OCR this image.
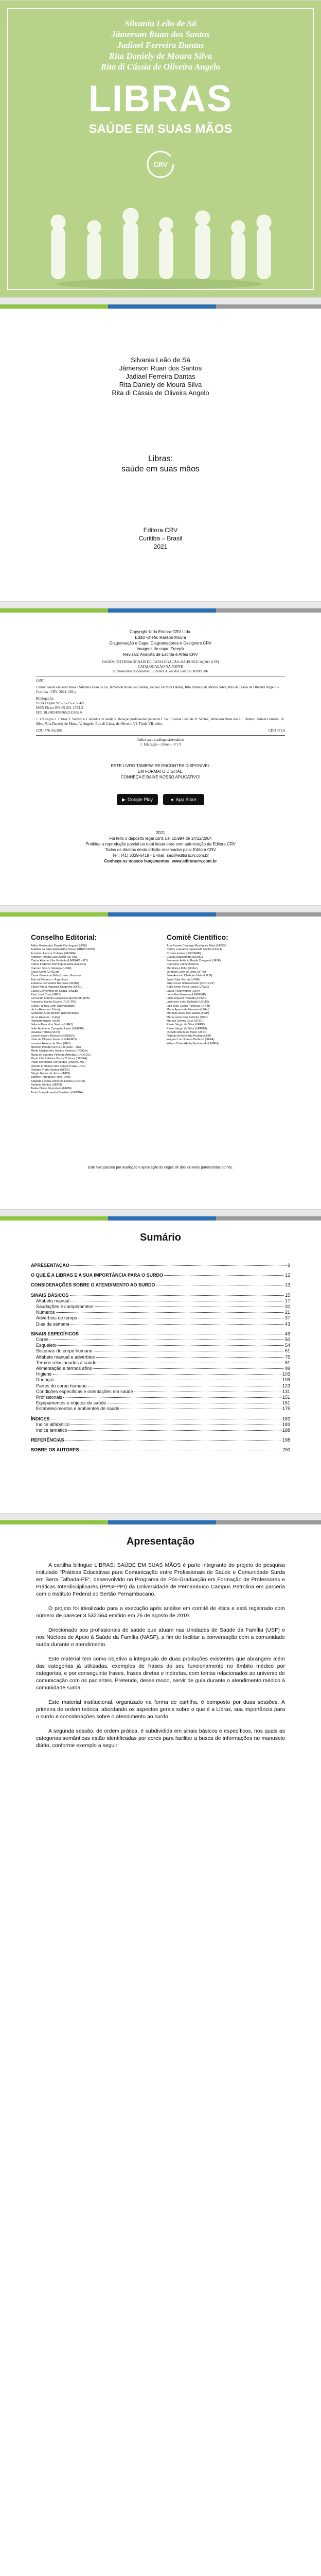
Silvania Leão de Sá
Jâmerson Ruan dos Santos
Jadiael Ferreira Dantas
Rita Daniely de Moura Silva
Rita di Cássia de Oliveira Angelo
LIBRAS
SAÚDE EM SUAS MÃOS
CRV
Silvania Leão de Sá
Jâmerson Ruan dos Santos
Jadiael Ferreira Dantas
Rita Daniely de Moura Silva
Rita di Cássia de Oliveira Angelo
Libras:
saúde em suas mãos
Editora CRV
Curitiba – Brasil
2021
Copyright © da Editora CRV Ltda.
Editor-chefe: Railson Moura
Diagramação e Capa: Diagramadores e Designers CRV
Imagens de capa: Freepik
Revisão: Analista de Escrita e Artes CRV
DADOS INTERNACIONAIS DE CATALOGAÇÃO-NA-PUBLICAÇÃO (CIP)
CATALOGAÇÃO NA FONTE
Bibliotecária responsável: Luzenira Alves dos Santos CRB9/1506
L697
Libras: saúde em suas mãos / Silvania Leão de Sá, Jâmerson Ruan dos Santos, Jadiael Ferreira Dantas, Rita Daniely de Moura Silva, Rita di Cássia de Oliveira Angelo – Curitiba : CRV, 2021. 202 p.
Bibliografia
ISBN Digital 978-65-251-1554-9
ISBN Físico 978-65-251-1553-2
DOI 10.24824/978652515532.6
1. Educação 2. Libras 3. Surdez 4. Cuidados de saúde 5. Relação profissional paciente I. Sá, Silvania Leão de II. Santos, Jâmerson Ruan dos III. Dantas, Jadiael Ferreira. IV. Silva, Rita Daniely de Moura V. Angelo, Rita di Cássia de Oliveira VI. Título VII. série.
CDU 376.4:6.265	CDD 371.9
Índice para catálogo sistemático
1. Educação – libras – 371.9
ESTE LIVRO TAMBÉM SE ENCONTRA DISPONÍVEL
EM FORMATO DIGITAL.
CONHEÇA E BAIXE NOSSO APLICATIVO!
▶ Google Play	● App Store
2021
Foi feito o depósito legal conf. Lei 10.994 de 14/12/2004
Proibida a reprodução parcial ou total desta obra sem autorização da Editora CRV
Todos os direitos desta edição reservados pela: Editora CRV
Tel.: (41) 3039-6418 - E-mail: sac@editoracrv.com.br
Conheça os nossos lançamentos: www.editoracrv.com.br
Conselho Editorial:
Aldira Guimarães Duarte Domínguez (UNB)
Andréia da Silva Quintanilha Sousa (UNIR/UFRN)
Anselmo Alencar Colares (UFOPA)
Antônio Pereira Gaio Júnior (UFRRJ)
Carlos Alberto Vilar Estêvão (UMINHO – PT)
Carlos Federico Dominguez Avila (Unieuro)
Carmen Tereza Velanga (UNIR)
Celso Conti (UFSCar)
Cesar Gerónimo Tello (Univer. Nacional
Três de Febrero – Argentina)
Eduardo Fernandes Barbosa (UFMG)
Elione Maria Nogueira Diogenes (UFAL)
Elizeu Clementino de Souza (UNEB)
Élsio José Corá (UFFS)
Fernando Antônio Gonçalves Alcoforado (IPB)
Francisco Carlos Duarte (PUC-PR)
Gloria Fariñas León (Universidade
de La Havana – Cuba)
Guillermo Arias Beatón (Universidade
de La Havana – Cuba)
Helmuth Krüger (UCP)
Jailson Alves dos Santos (UFRJ)
João Adalberto Campato Junior (UNESP)
Josania Portela (UFPI)
Leonel Severo Rocha (UNISINOS)
Lídia de Oliveira Xavier (UNIEURO)
Lourdes Helena da Silva (UFV)
Marcelo Paixão (UFRJ e UTexas – US)
Maria Cristina dos Santos Bezerra (UFSCar)
Maria de Lourdes Pinto de Almeida (UNOESC)
Maria Lília Imbiriba Sousa Colares (UFOPA)
Paulo Romualdo Hernandes (UNIFAL-MG)
Renato Francisco dos Santos Paula (UFG)
Rodrigo Pratte-Santos (UFES)
Sérgio Nunes de Jesus (IFRO)
Simone Rodrigues Pinto (UNB)
Solange Helena Ximenes-Rocha (UFOPA)
Sydione Santos (UEPG)
Tadeu Oliver Gonçalves (UFPA)
Tania Suely Azevedo Brasileiro (UFOPA)
Comitê Científico:
Ana Rosete Camargo Rodrigues Maia (UFSC)
Carlos Leonardo Figueiredo Cunha (UFRJ)
Cristina Iwabe (UNICAMP)
Evania Nascimento (UEMG)
Fernando Antônio Basile Colugnati (UFJF)
Francisco Jaime Bezerra
Mendonça Filho (Unifor)
Jeferson Leite de Lima (UFPA)
Jose Antonio Chehuen Neto (UFJF)
José Odair Ferrari (UNIR)
Julio Cesar Schweickardt (FIOCRUZ)
Katia Alves Vieira Lopes (UFMG)
Laura Feuerwerker (USP)
Leda Mari Kawano (UNIFESP)
Lúcia Mayumi Yamada (FPMD)
Lucimeire Leite Stoleiski (UEMG)
Luiz Jose Carlos Fonseca (UFPB)
Maria Aparecida Nevasim (UFAL)
Marlucia Alves dos Santos (USP)
Maria Lúcia Dias Ferreira (USP)
Marisol Gomes Cruz (UFSC)
Paulo Sérgio da Silva (UFPR)
Paulo Sérgio da Silva (UFRGS)
Ricardo Marini de Mello (UFSC)
Rômulo de Azevedo Pereira (UNB)
Wagner Luiz Ramos Barbosa (UFPA)
Wilson Calvo Abrão Bestfassek (UNIRN)
Este livro passou por avaliação e aprovação às cegas de dois ou mais pareceristas ad hoc.
Sumário
APRESENTAÇÃO	9
O QUE É A LIBRAS E A SUA IMPORTÂNCIA PARA O SURDO	12
CONSIDERAÇÕES SOBRE O ATENDIMENTO AO SURDO	13
SINAIS BÁSICOS	15
Alfabeto manual	17
Saudações e cumprimentos	20
Números	21
Advérbios de tempo	37
Dias da semana	43
SINAIS ESPECÍFICOS	49
Cores	50
Esqueleto	54
Sistemas do corpo humano	61
Alfabeto manual e advérbios	75
Termos relacionados à saúde	81
Alimentação e termos afins	99
Higiene	103
Doenças	109
Partes do corpo humano	123
Condições específicas e orientações em saúde	131
Profissionais	151
Equipamentos e objetos de saúde	161
Estabelecimentos e ambientes de saúde	175
ÍNDICES	182
Índice alfabético	183
Índice temático	188
REFERÊNCIAS	198
SOBRE OS AUTORES	200
Apresentação

A cartilha bilíngue LIBRAS: SAÚDE EM SUAS MÃOS é parte integrante do projeto de pesquisa intitulado "Práticas Educativas para Comunicação entre Profissionais de Saúde e Comunidade Surda em Serra Talhada-PE", desenvolvido no Programa de Pós-Graduação em Formação de Professores e Práticas Interdisciplinares (PPGFPPI) da Universidade de Pernambuco Campus Petrolina em parceria com o Instituto Federal do Sertão Pernambucano.

O projeto foi idealizado para a execução após análise em comitê de ética e está registrado com número de parecer 3.532.564 emitido em 26 de agosto de 2019.

Direcionado aos profissionais de saúde que atuam nas Unidades de Saúde da Família (USF) e nos Núcleos de Apoio à Saúde da Família (NASF), a fim de facilitar a conversação com a comunidade surda durante o atendimento.

Este material tem como objetivo a integração de duas produções existentes que abrangem além das categorias já utilizadas, exemplos de frases do seu funcionamento no âmbito médico por categorias, e por conseguinte frases, frases diretas e indiretas, com temas relacionados ao universo de comunicação com os pacientes. Pretende, desse modo, servir de guia durante o atendimento médico à comunidade surda.

Este material institucional, organizado na forma de cartilha, é composto por duas sessões. A primeira de ordem teórica, abordando os aspectos gerais sobre o que é a Libras, sua importância para o surdo e considerações sobre o atendimento ao surdo.

A segunda sessão, de ordem prática, é subdividida em sinais básicos e específicos, nos quais as categorias semânticas estão identificadas por cores para facilitar a busca de informações no manuseio diário, conforme exemplo a seguir:
